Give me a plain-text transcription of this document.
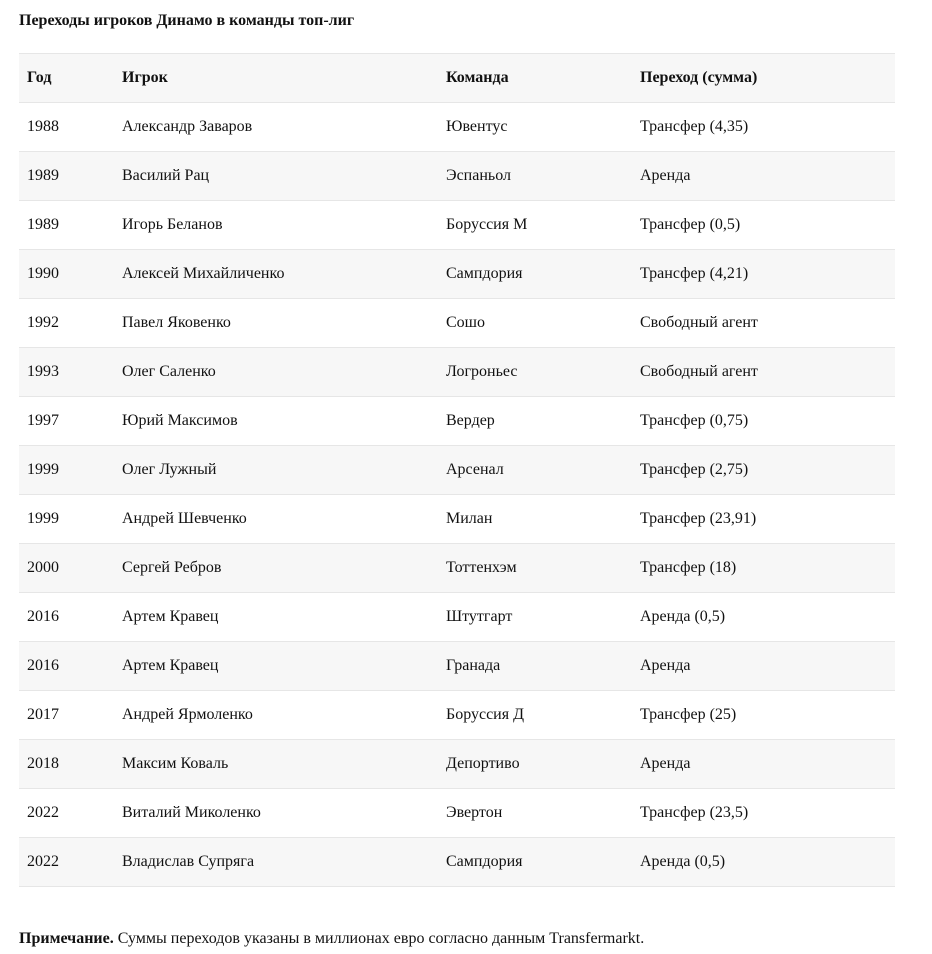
Переходы игроков Динамо в команды топ-лиг
Год	Игрок	Команда	Переход (сумма)
1988	Александр Заваров	Ювентус	Трансфер (4,35)
1989	Василий Рац	Эспаньол	Аренда
1989	Игорь Беланов	Боруссия М	Трансфер (0,5)
1990	Алексей Михайличенко	Сампдория	Трансфер (4,21)
1992	Павел Яковенко	Сошо	Свободный агент
1993	Олег Саленко	Логроньес	Свободный агент
1997	Юрий Максимов	Вердер	Трансфер (0,75)
1999	Олег Лужный	Арсенал	Трансфер (2,75)
1999	Андрей Шевченко	Милан	Трансфер (23,91)
2000	Сергей Ребров	Тоттенхэм	Трансфер (18)
2016	Артем Кравец	Штутгарт	Аренда (0,5)
2016	Артем Кравец	Гранада	Аренда
2017	Андрей Ярмоленко	Боруссия Д	Трансфер (25)
2018	Максим Коваль	Депортиво	Аренда
2022	Виталий Миколенко	Эвертон	Трансфер (23,5)
2022	Владислав Супряга	Сампдория	Аренда (0,5)

Примечание. Суммы переходов указаны в миллионах евро согласно данным Transfermarkt.
